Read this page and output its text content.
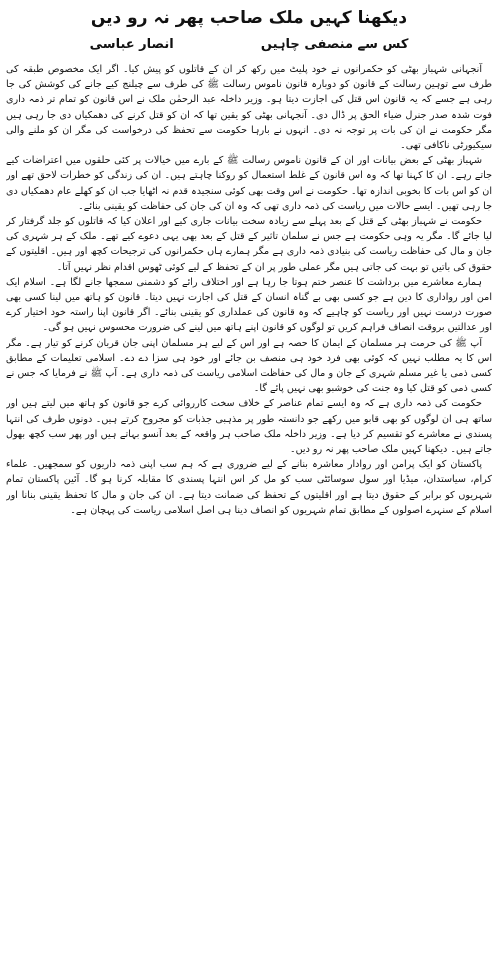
دیکھنا کہیں ملک صاحب پھر نہ رو دیں
کس سے منصفی چاہیں
انصار عباسی

آنجہانی شہباز بھٹی کو حکمرانوں نے خود پلیٹ میں رکھ کر ان کے قاتلوں کو پیش کیا۔ اگر ایک مخصوص طبقہ کی طرف سے توہین رسالت کے قانون کو دوبارہ قانون ناموس رسالت ﷺ کی طرف سے چیلنج کیے جانے کی کوشش کی جا رہی ہے جسے کہ یہ قانون اس قتل کی اجازت دیتا ہو۔ وزیر داخلہ عبد الرحمٰن ملک نے اس قانون کو تمام تر ذمہ داری فوت شدہ صدر جنرل ضیاء الحق پر ڈال دی۔ آنجہانی بھٹی کو یقین تھا کہ ان کو قتل کرنے کی دھمکیاں دی جا رہی ہیں مگر حکومت نے ان کی بات پر توجہ نہ دی۔ انہوں نے بارہا حکومت سے تحفظ کی درخواست کی مگر ان کو ملنے والی سیکیورٹی ناکافی تھی۔

شہباز بھٹی کے بعض بیانات اور ان کے قانون ناموس رسالت ﷺ کے بارے میں خیالات پر کئی حلقوں میں اعتراضات کیے جاتے رہے۔ ان کا کہنا تھا کہ وہ اس قانون کے غلط استعمال کو روکنا چاہتے ہیں۔ ان کی زندگی کو خطرات لاحق تھے اور ان کو اس بات کا بخوبی اندازہ تھا۔ حکومت نے اس وقت بھی کوئی سنجیدہ قدم نہ اٹھایا جب ان کو کھلے عام دھمکیاں دی جا رہی تھیں۔ ایسے حالات میں ریاست کی ذمہ داری تھی کہ وہ ان کی جان کی حفاظت کو یقینی بنائے۔

حکومت نے شہباز بھٹی کے قتل کے بعد پہلے سے زیادہ سخت بیانات جاری کیے اور اعلان کیا کہ قاتلوں کو جلد گرفتار کر لیا جائے گا۔ مگر یہ وہی حکومت ہے جس نے سلمان تاثیر کے قتل کے بعد بھی یہی دعوے کیے تھے۔ ملک کے ہر شہری کی جان و مال کی حفاظت ریاست کی بنیادی ذمہ داری ہے مگر ہمارے ہاں حکمرانوں کی ترجیحات کچھ اور ہیں۔ اقلیتوں کے حقوق کی باتیں تو بہت کی جاتی ہیں مگر عملی طور پر ان کے تحفظ کے لیے کوئی ٹھوس اقدام نظر نہیں آتا۔

ہمارے معاشرے میں برداشت کا عنصر ختم ہوتا جا رہا ہے اور اختلاف رائے کو دشمنی سمجھا جانے لگا ہے۔ اسلام ایک امن اور رواداری کا دین ہے جو کسی بھی بے گناہ انسان کے قتل کی اجازت نہیں دیتا۔ قانون کو ہاتھ میں لینا کسی بھی صورت درست نہیں اور ریاست کو چاہیے کہ وہ قانون کی عملداری کو یقینی بنائے۔ اگر قانون اپنا راستہ خود اختیار کرے اور عدالتیں بروقت انصاف فراہم کریں تو لوگوں کو قانون اپنے ہاتھ میں لینے کی ضرورت محسوس نہیں ہو گی۔

آپ ﷺ کی حرمت ہر مسلمان کے ایمان کا حصہ ہے اور اس کے لیے ہر مسلمان اپنی جان قربان کرنے کو تیار ہے۔ مگر اس کا یہ مطلب نہیں کہ کوئی بھی فرد خود ہی منصف بن جائے اور خود ہی سزا دے دے۔ اسلامی تعلیمات کے مطابق کسی ذمی یا غیر مسلم شہری کے جان و مال کی حفاظت اسلامی ریاست کی ذمہ داری ہے۔ آپ ﷺ نے فرمایا کہ جس نے کسی ذمی کو قتل کیا وہ جنت کی خوشبو بھی نہیں پائے گا۔

حکومت کی ذمہ داری ہے کہ وہ ایسے تمام عناصر کے خلاف سخت کارروائی کرے جو قانون کو ہاتھ میں لیتے ہیں اور ساتھ ہی ان لوگوں کو بھی قابو میں رکھے جو دانستہ طور پر مذہبی جذبات کو مجروح کرتے ہیں۔ دونوں طرف کی انتہا پسندی نے معاشرے کو تقسیم کر دیا ہے۔ وزیر داخلہ ملک صاحب ہر واقعہ کے بعد آنسو بہاتے ہیں اور پھر سب کچھ بھول جاتے ہیں۔ دیکھنا کہیں ملک صاحب پھر نہ رو دیں۔

پاکستان کو ایک پرامن اور روادار معاشرہ بنانے کے لیے ضروری ہے کہ ہم سب اپنی ذمہ داریوں کو سمجھیں۔ علماء کرام، سیاستدان، میڈیا اور سول سوسائٹی سب کو مل کر اس انتہا پسندی کا مقابلہ کرنا ہو گا۔ آئین پاکستان تمام شہریوں کو برابر کے حقوق دیتا ہے اور اقلیتوں کے تحفظ کی ضمانت دیتا ہے۔ ان کی جان و مال کا تحفظ یقینی بنانا اور اسلام کے سنہرے اصولوں کے مطابق تمام شہریوں کو انصاف دینا ہی اصل اسلامی ریاست کی پہچان ہے۔
